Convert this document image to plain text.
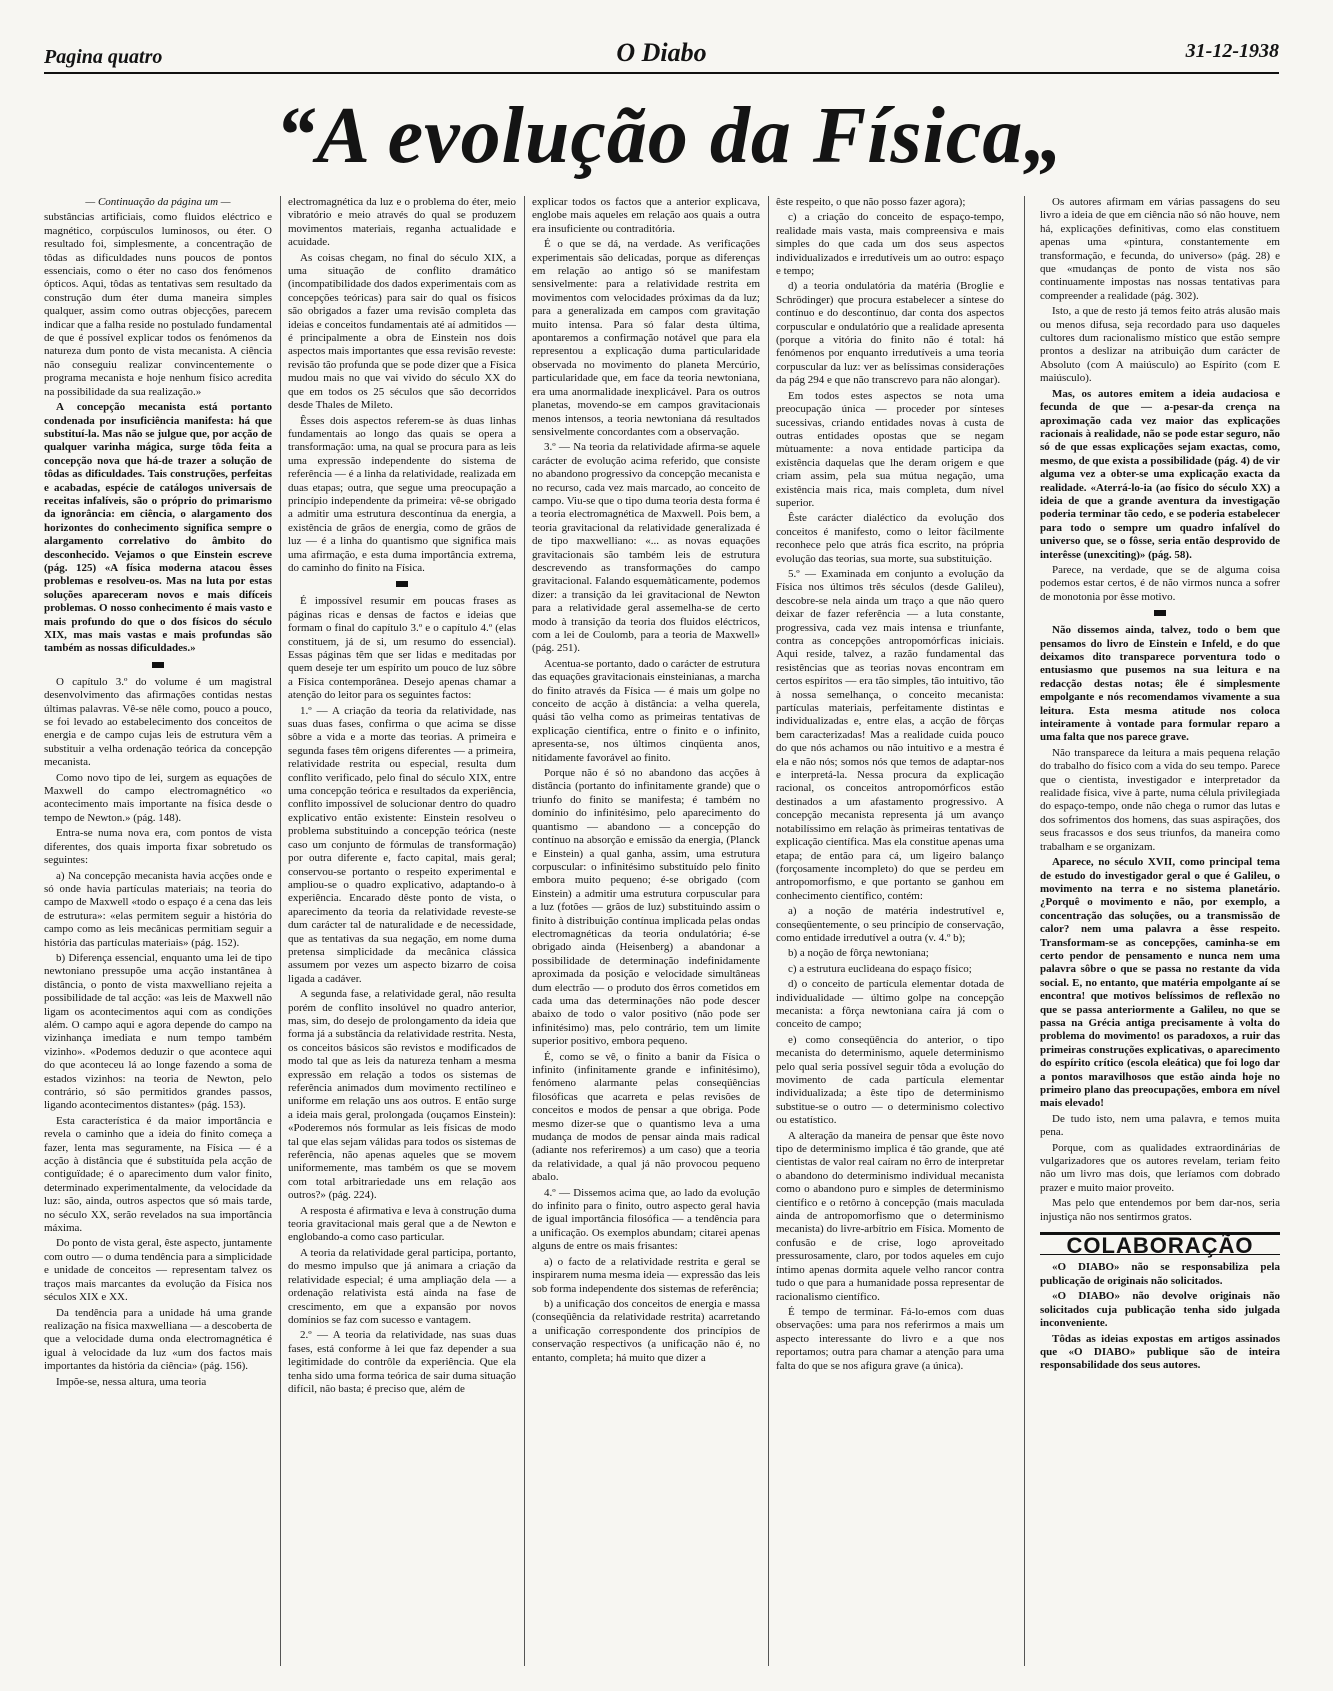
Pagina quatro	O Diabo	31-12-1938
“A evolução da Física„

— Continuação da página um —

substâncias artificiais, como fluidos eléctrico e magnético, corpúsculos luminosos, ou éter. O resultado foi, simplesmente, a concentração de tôdas as dificuldades nuns poucos de pontos essenciais, como o éter no caso dos fenómenos ópticos. Aqui, tôdas as tentativas sem resultado da construção dum éter duma maneira simples qualquer, assim como outras objecções, parecem indicar que a falha reside no postulado fundamental de que é possível explicar todos os fenómenos da natureza dum ponto de vista mecanista. A ciência não conseguiu realizar convincentemente o programa mecanista e hoje nenhum físico acredita na possibilidade da sua realização.»

A concepção mecanista está portanto condenada por insuficiência manifesta: há que substituí-la. Mas não se julgue que, por acção de qualquer varinha mágica, surge tôda feita a concepção nova que há-de trazer a solução de tôdas as dificuldades. Tais construções, perfeitas e acabadas, espécie de catálogos universais de receitas infalíveis, são o próprio do primarismo da ignorância: em ciência, o alargamento dos horizontes do conhecimento significa sempre o alargamento correlativo do âmbito do desconhecido. Vejamos o que Einstein escreve (pág. 125) «A física moderna atacou êsses problemas e resolveu-os. Mas na luta por estas soluções apareceram novos e mais difíceis problemas. O nosso conhecimento é mais vasto e mais profundo do que o dos físicos do século XIX, mas mais vastas e mais profundas são também as nossas dificuldades.»

O capítulo 3.º do volume é um magistral desenvolvimento das afirmações contidas nestas últimas palavras. Vê-se nêle como, pouco a pouco, se foi levado ao estabelecimento dos conceitos de energia e de campo cujas leis de estrutura vêm a substituir a velha ordenação teórica da concepção mecanista.

Como novo tipo de lei, surgem as equações de Maxwell do campo electromagnético «o acontecimento mais importante na física desde o tempo de Newton.» (pág. 148).

Entra-se numa nova era, com pontos de vista diferentes, dos quais importa fixar sobretudo os seguintes:

a) Na concepção mecanista havia acções onde e só onde havia partículas materiais; na teoria do campo de Maxwell «todo o espaço é a cena das leis de estrutura»: «elas permitem seguir a história do campo como as leis mecânicas permitiam seguir a história das partículas materiais» (pág. 152).

b) Diferença essencial, enquanto uma lei de tipo newtoniano pressupõe uma acção instantânea à distância, o ponto de vista maxwelliano rejeita a possibilidade de tal acção: «as leis de Maxwell não ligam os acontecimentos aqui com as condições além. O campo aqui e agora depende do campo na vizinhança imediata e num tempo também vizinho». «Podemos deduzir o que acontece aqui do que aconteceu lá ao longe fazendo a soma de estados vizinhos: na teoria de Newton, pelo contrário, só são permitidos grandes passos, ligando acontecimentos distantes» (pág. 153).

Esta característica é da maior importância e revela o caminho que a ideia do finito começa a fazer, lenta mas seguramente, na Física — é a acção à distância que é substituída pela acção de contiguïdade; é o aparecimento dum valor finito, determinado experimentalmente, da velocidade da luz: são, ainda, outros aspectos que só mais tarde, no século XX, serão revelados na sua importância máxima.

Do ponto de vista geral, êste aspecto, juntamente com outro — o duma tendência para a simplicidade e unidade de conceitos — representam talvez os traços mais marcantes da evolução da Física nos séculos XIX e XX.

Da tendência para a unidade há uma grande realização na física maxwelliana — a descoberta de que a velocidade duma onda electromagnética é igual à velocidade da luz «um dos factos mais importantes da história da ciência» (pág. 156).

Impõe-se, nessa altura, uma teoria

electromagnética da luz e o problema do éter, meio vibratório e meio através do qual se produzem movimentos materiais, reganha actualidade e acuidade.

As coisas chegam, no final do século XIX, a uma situação de conflito dramático (incompatibilidade dos dados experimentais com as concepções teóricas) para sair do qual os físicos são obrigados a fazer uma revisão completa das ideias e conceitos fundamentais até aí admitidos — é principalmente a obra de Einstein nos dois aspectos mais importantes que essa revisão reveste: revisão tão profunda que se pode dizer que a Física mudou mais no que vai vivido do século XX do que em todos os 25 séculos que são decorridos desde Thales de Mileto.

Êsses dois aspectos referem-se às duas linhas fundamentais ao longo das quais se opera a transformação: uma, na qual se procura para as leis uma expressão independente do sistema de referência — é a linha da relatividade, realizada em duas etapas; outra, que segue uma preocupação a princípio independente da primeira: vê-se obrigado a admitir uma estrutura descontínua da energia, a existência de grãos de energia, como de grãos de luz — é a linha do quantismo que significa mais uma afirmação, e esta duma importância extrema, do caminho do finito na Física.

É impossível resumir em poucas frases as páginas ricas e densas de factos e ideias que formam o final do capítulo 3.º e o capítulo 4.º (elas constituem, já de si, um resumo do essencial). Essas páginas têm que ser lidas e meditadas por quem deseje ter um espírito um pouco de luz sôbre a Física contemporânea. Desejo apenas chamar a atenção do leitor para os seguintes factos:

1.º — A criação da teoria da relatividade, nas suas duas fases, confirma o que acima se disse sôbre a vida e a morte das teorias. A primeira e segunda fases têm origens diferentes — a primeira, relatividade restrita ou especial, resulta dum conflito verificado, pelo final do século XIX, entre uma concepção teórica e resultados da experiência, conflito impossível de solucionar dentro do quadro explicativo então existente: Einstein resolveu o problema substituindo a concepção teórica (neste caso um conjunto de fórmulas de transformação) por outra diferente e, facto capital, mais geral; conservou-se portanto o respeito experimental e ampliou-se o quadro explicativo, adaptando-o à experiência. Encarado dêste ponto de vista, o aparecimento da teoria da relatividade reveste-se dum carácter tal de naturalidade e de necessidade, que as tentativas da sua negação, em nome duma pretensa simplicidade da mecânica clássica assumem por vezes um aspecto bizarro de coisa ligada a cadáver.

A segunda fase, a relatividade geral, não resulta porém de conflito insolúvel no quadro anterior, mas, sim, do desejo de prolongamento da ideia que forma já a substância da relatividade restrita. Nesta, os conceitos básicos são revistos e modificados de modo tal que as leis da natureza tenham a mesma expressão em relação a todos os sistemas de referência animados dum movimento rectilíneo e uniforme em relação uns aos outros. E então surge a ideia mais geral, prolongada (ouçamos Einstein): «Poderemos nós formular as leis físicas de modo tal que elas sejam válidas para todos os sistemas de referência, não apenas aqueles que se movem uniformemente, mas também os que se movem com total arbitrariedade uns em relação aos outros?» (pág. 224).

A resposta é afirmativa e leva à construção duma teoria gravitacional mais geral que a de Newton e englobando-a como caso particular.

A teoria da relatividade geral participa, portanto, do mesmo impulso que já animara a criação da relatividade especial; é uma ampliação dela — a ordenação relativista está ainda na fase de crescimento, em que a expansão por novos domínios se faz com sucesso e vantagem.

2.º — A teoria da relatividade, nas suas duas fases, está conforme à lei que faz depender a sua legitimidade do contrôle da experiência. Que ela tenha sido uma forma teórica de sair duma situação difícil, não basta; é preciso que, além de

explicar todos os factos que a anterior explicava, englobe mais aqueles em relação aos quais a outra era insuficiente ou contraditória.

É o que se dá, na verdade. As verificações experimentais são delicadas, porque as diferenças em relação ao antigo só se manifestam sensivelmente: para a relatividade restrita em movimentos com velocidades próximas da da luz; para a generalizada em campos com gravitação muito intensa. Para só falar desta última, apontaremos a confirmação notável que para ela representou a explicação duma particularidade observada no movimento do planeta Mercúrio, particularidade que, em face da teoria newtoniana, era uma anormalidade inexplicável. Para os outros planetas, movendo-se em campos gravitacionais menos intensos, a teoria newtoniana dá resultados sensivelmente concordantes com a observação.

3.º — Na teoria da relatividade afirma-se aquele carácter de evolução acima referido, que consiste no abandono progressivo da concepção mecanista e no recurso, cada vez mais marcado, ao conceito de campo. Viu-se que o tipo duma teoria desta forma é a teoria electromagnética de Maxwell. Pois bem, a teoria gravitacional da relatividade generalizada é de tipo maxwelliano: «... as novas equações gravitacionais são também leis de estrutura descrevendo as transformações do campo gravitacional. Falando esquemàticamente, podemos dizer: a transição da lei gravitacional de Newton para a relatividade geral assemelha-se de certo modo à transição da teoria dos fluidos eléctricos, com a lei de Coulomb, para a teoria de Maxwell» (pág. 251).

Acentua-se portanto, dado o carácter de estrutura das equações gravitacionais einsteinianas, a marcha do finito através da Física — é mais um golpe no conceito de acção à distância: a velha querela, quási tão velha como as primeiras tentativas de explicação científica, entre o finito e o infinito, apresenta-se, nos últimos cinqüenta anos, nitidamente favorável ao finito.

Porque não é só no abandono das acções à distância (portanto do infinitamente grande) que o triunfo do finito se manifesta; é também no domínio do infinitésimo, pelo aparecimento do quantismo — abandono — a concepção do contínuo na absorção e emissão da energia, (Planck e Einstein) a qual ganha, assim, uma estrutura corpuscular: o infinitésimo substituído pelo finito embora muito pequeno; é-se obrigado (com Einstein) a admitir uma estrutura corpuscular para a luz (fotões — grãos de luz) substituindo assim o finito à distribuição contínua implicada pelas ondas electromagnéticas da teoria ondulatória; é-se obrigado ainda (Heisenberg) a abandonar a possibilidade de determinação indefinidamente aproximada da posição e velocidade simultâneas dum electrão — o produto dos êrros cometidos em cada uma das determinações não pode descer abaixo de todo o valor positivo (não pode ser infinitésimo) mas, pelo contrário, tem um limite superior positivo, embora pequeno.

É, como se vê, o finito a banir da Física o infinito (infinitamente grande e infinitésimo), fenómeno alarmante pelas conseqüências filosóficas que acarreta e pelas revisões de conceitos e modos de pensar a que obriga. Pode mesmo dizer-se que o quantismo leva a uma mudança de modos de pensar ainda mais radical (adiante nos referiremos) a um caso) que a teoria da relatividade, a qual já não provocou pequeno abalo.

4.º — Dissemos acima que, ao lado da evolução do infinito para o finito, outro aspecto geral havia de igual importância filosófica — a tendência para a unificação. Os exemplos abundam; citarei apenas alguns de entre os mais frisantes:

a) o facto de a relatividade restrita e geral se inspirarem numa mesma ideia — expressão das leis sob forma independente dos sistemas de referência;

b) a unificação dos conceitos de energia e massa (conseqüência da relatividade restrita) acarretando a unificação correspondente dos princípios de conservação respectivos (a unificação não é, no entanto, completa; há muito que dizer a

êste respeito, o que não posso fazer agora);

c) a criação do conceito de espaço-tempo, realidade mais vasta, mais compreensiva e mais simples do que cada um dos seus aspectos individualizados e irredutíveis um ao outro: espaço e tempo;

d) a teoria ondulatória da matéria (Broglie e Schrödinger) que procura estabelecer a síntese do contínuo e do descontínuo, dar conta dos aspectos corpuscular e ondulatório que a realidade apresenta (porque a vitória do finito não é total: há fenómenos por enquanto irredutíveis a uma teoria corpuscular da luz: ver as belíssimas considerações da pág 294 e que não transcrevo para não alongar).

Em todos estes aspectos se nota uma preocupação única — proceder por sínteses sucessivas, criando entidades novas à custa de outras entidades opostas que se negam mùtuamente: a nova entidade participa da existência daquelas que lhe deram origem e que criam assim, pela sua mútua negação, uma existência mais rica, mais completa, dum nível superior.

Êste carácter dialéctico da evolução dos conceitos é manifesto, como o leitor fàcilmente reconhece pelo que atrás fica escrito, na própria evolução das teorias, sua morte, sua substituição.

5.º — Examinada em conjunto a evolução da Física nos últimos três séculos (desde Galileu), descobre-se nela ainda um traço a que não quero deixar de fazer referência — a luta constante, progressiva, cada vez mais intensa e triunfante, contra as concepções antropomórficas iniciais. Aqui reside, talvez, a razão fundamental das resistências que as teorias novas encontram em certos espíritos — era tão simples, tão intuitivo, tão à nossa semelhança, o conceito mecanista: partículas materiais, perfeitamente distintas e individualizadas e, entre elas, a acção de fôrças bem caracterizadas! Mas a realidade cuida pouco do que nós achamos ou não intuitivo e a mestra é ela e não nós; somos nós que temos de adaptar-nos e interpretá-la. Nessa procura da explicação racional, os conceitos antropomórficos estão destinados a um afastamento progressivo. A concepção mecanista representa já um avanço notabilíssimo em relação às primeiras tentativas de explicação científica. Mas ela constitue apenas uma etapa; de então para cá, um ligeiro balanço (forçosamente incompleto) do que se perdeu em antropomorfismo, e que portanto se ganhou em conhecimento científico, contém:

a) a noção de matéria indestrutível e, conseqüentemente, o seu princípio de conservação, como entidade irredutível a outra (v. 4.º b);

b) a noção de fôrça newtoniana;

c) a estrutura euclideana do espaço físico;

d) o conceito de partícula elementar dotada de individualidade — último golpe na concepção mecanista: a fôrça newtoniana caíra já com o conceito de campo;

e) como conseqüência do anterior, o tipo mecanista do determinismo, aquele determinismo pelo qual seria possível seguir tôda a evolução do movimento de cada partícula elementar individualizada; a êste tipo de determinismo substitue-se o outro — o determinismo colectivo ou estatístico.

A alteração da maneira de pensar que êste novo tipo de determinismo implica é tão grande, que até cientistas de valor real caíram no êrro de interpretar o abandono do determinismo individual mecanista como o abandono puro e simples de determinismo científico e o retôrno à concepção (mais maculada ainda de antropomorfismo que o determinismo mecanista) do livre-arbítrio em Física. Momento de confusão e de crise, logo aproveitado pressurosamente, claro, por todos aqueles em cujo íntimo apenas dormita aquele velho rancor contra tudo o que para a humanidade possa representar de racionalismo científico.

É tempo de terminar. Fá-lo-emos com duas observações: uma para nos referirmos a mais um aspecto interessante do livro e a que nos reportamos; outra para chamar a atenção para uma falta do que se nos afigura grave (a única).

Os autores afirmam em várias passagens do seu livro a ideia de que em ciência não só não houve, nem há, explicações definitivas, como elas constituem apenas uma «pintura, constantemente em transformação, e fecunda, do universo» (pág. 28) e que «mudanças de ponto de vista nos são continuamente impostas nas nossas tentativas para compreender a realidade (pág. 302).

Isto, a que de resto já temos feito atrás alusão mais ou menos difusa, seja recordado para uso daqueles cultores dum racionalismo místico que estão sempre prontos a deslizar na atribuição dum carácter de Absoluto (com A maiúsculo) ao Espírito (com E maiúsculo).

Mas, os autores emitem a ideia audaciosa e fecunda de que — a-pesar-da crença na aproximação cada vez maior das explicações racionais à realidade, não se pode estar seguro, não só de que essas explicações sejam exactas, como, mesmo, de que exista a possibilidade (pág. 4) de vir alguma vez a obter-se uma explicação exacta da realidade. «Aterrá-lo-ia (ao físico do século XX) a ideia de que a grande aventura da investigação poderia terminar tão cedo, e se poderia estabelecer para todo o sempre um quadro infalível do universo que, se o fôsse, seria então desprovido de interêsse (unexciting)» (pág. 58).

Parece, na verdade, que se de alguma coisa podemos estar certos, é de não virmos nunca a sofrer de monotonia por êsse motivo.

Não dissemos ainda, talvez, todo o bem que pensamos do livro de Einstein e Infeld, e do que deixamos dito transparece porventura todo o entusiasmo que pusemos na sua leitura e na redacção destas notas; êle é simplesmente empolgante e nós recomendamos vivamente a sua leitura. Esta mesma atitude nos coloca inteiramente à vontade para formular reparo a uma falta que nos parece grave.

Não transparece da leitura a mais pequena relação do trabalho do físico com a vida do seu tempo. Parece que o cientista, investigador e interpretador da realidade física, vive à parte, numa célula privilegiada do espaço-tempo, onde não chega o rumor das lutas e dos sofrimentos dos homens, das suas aspirações, dos seus fracassos e dos seus triunfos, da maneira como trabalham e se organizam.

Aparece, no século XVII, como principal tema de estudo do investigador geral o que é Galileu, o movimento na terra e no sistema planetário. ¿Porquê o movimento e não, por exemplo, a concentração das soluções, ou a transmissão de calor? nem uma palavra a êsse respeito. Transformam-se as concepções, caminha-se em certo pendor de pensamento e nunca nem uma palavra sôbre o que se passa no restante da vida social. E, no entanto, que matéria empolgante aí se encontra! que motivos belíssimos de reflexão no que se passa anteriormente a Galileu, no que se passa na Grécia antiga precisamente à volta do problema do movimento! os paradoxos, a ruir das primeiras construções explicativas, o aparecimento do espírito crítico (escola eleática) que foi logo dar a pontos maravilhosos que estão ainda hoje no primeiro plano das preocupações, embora em nível mais elevado!

De tudo isto, nem uma palavra, e temos muita pena.

Porque, com as qualidades extraordinárias de vulgarizadores que os autores revelam, teriam feito não um livro mas dois, que leríamos com dobrado prazer e muito maior proveito.

Mas pelo que entendemos por bem dar-nos, seria injustiça não nos sentirmos gratos.

COLABORAÇÃO

«O DIABO» não se responsabiliza pela publicação de originais não solicitados.

«O DIABO» não devolve originais não solicitados cuja publicação tenha sido julgada inconveniente.

Tôdas as ideias expostas em artigos assinados que «O DIABO» publique são de inteira responsabilidade dos seus autores.
